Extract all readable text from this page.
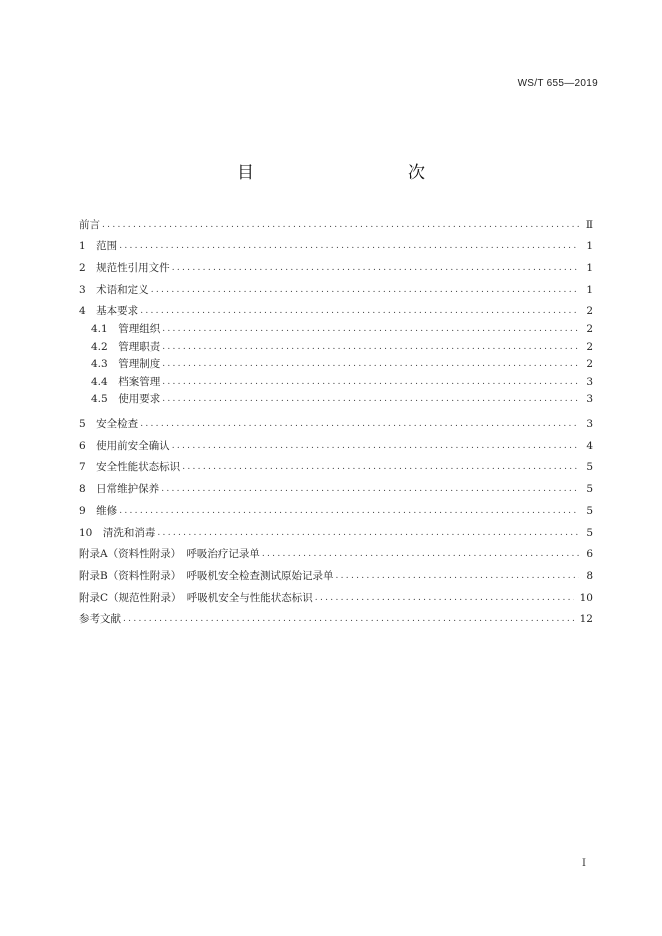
WS/T 655—2019
目　　次
前言 .....	Ⅱ
1　范围 .....	1
2　规范性引用文件 .....	1
3　术语和定义 .....	1
4　基本要求 .....	2
4.1　管理组织 .....	2
4.2　管理职责 .....	2
4.3　管理制度 .....	2
4.4　档案管理 .....	3
4.5　使用要求 .....	3
5　安全检查 .....	3
6　使用前安全确认 .....	4
7　安全性能状态标识 .....	5
8　日常维护保养 .....	5
9　维修 .....	5
10　清洗和消毒 .....	5
附录A（资料性附录）　呼吸治疗记录单 .....	6
附录B（资料性附录）　呼吸机安全检查测试原始记录单 .....	8
附录C（规范性附录）　呼吸机安全与性能状态标识 .....	10
参考文献 .....	12
I
